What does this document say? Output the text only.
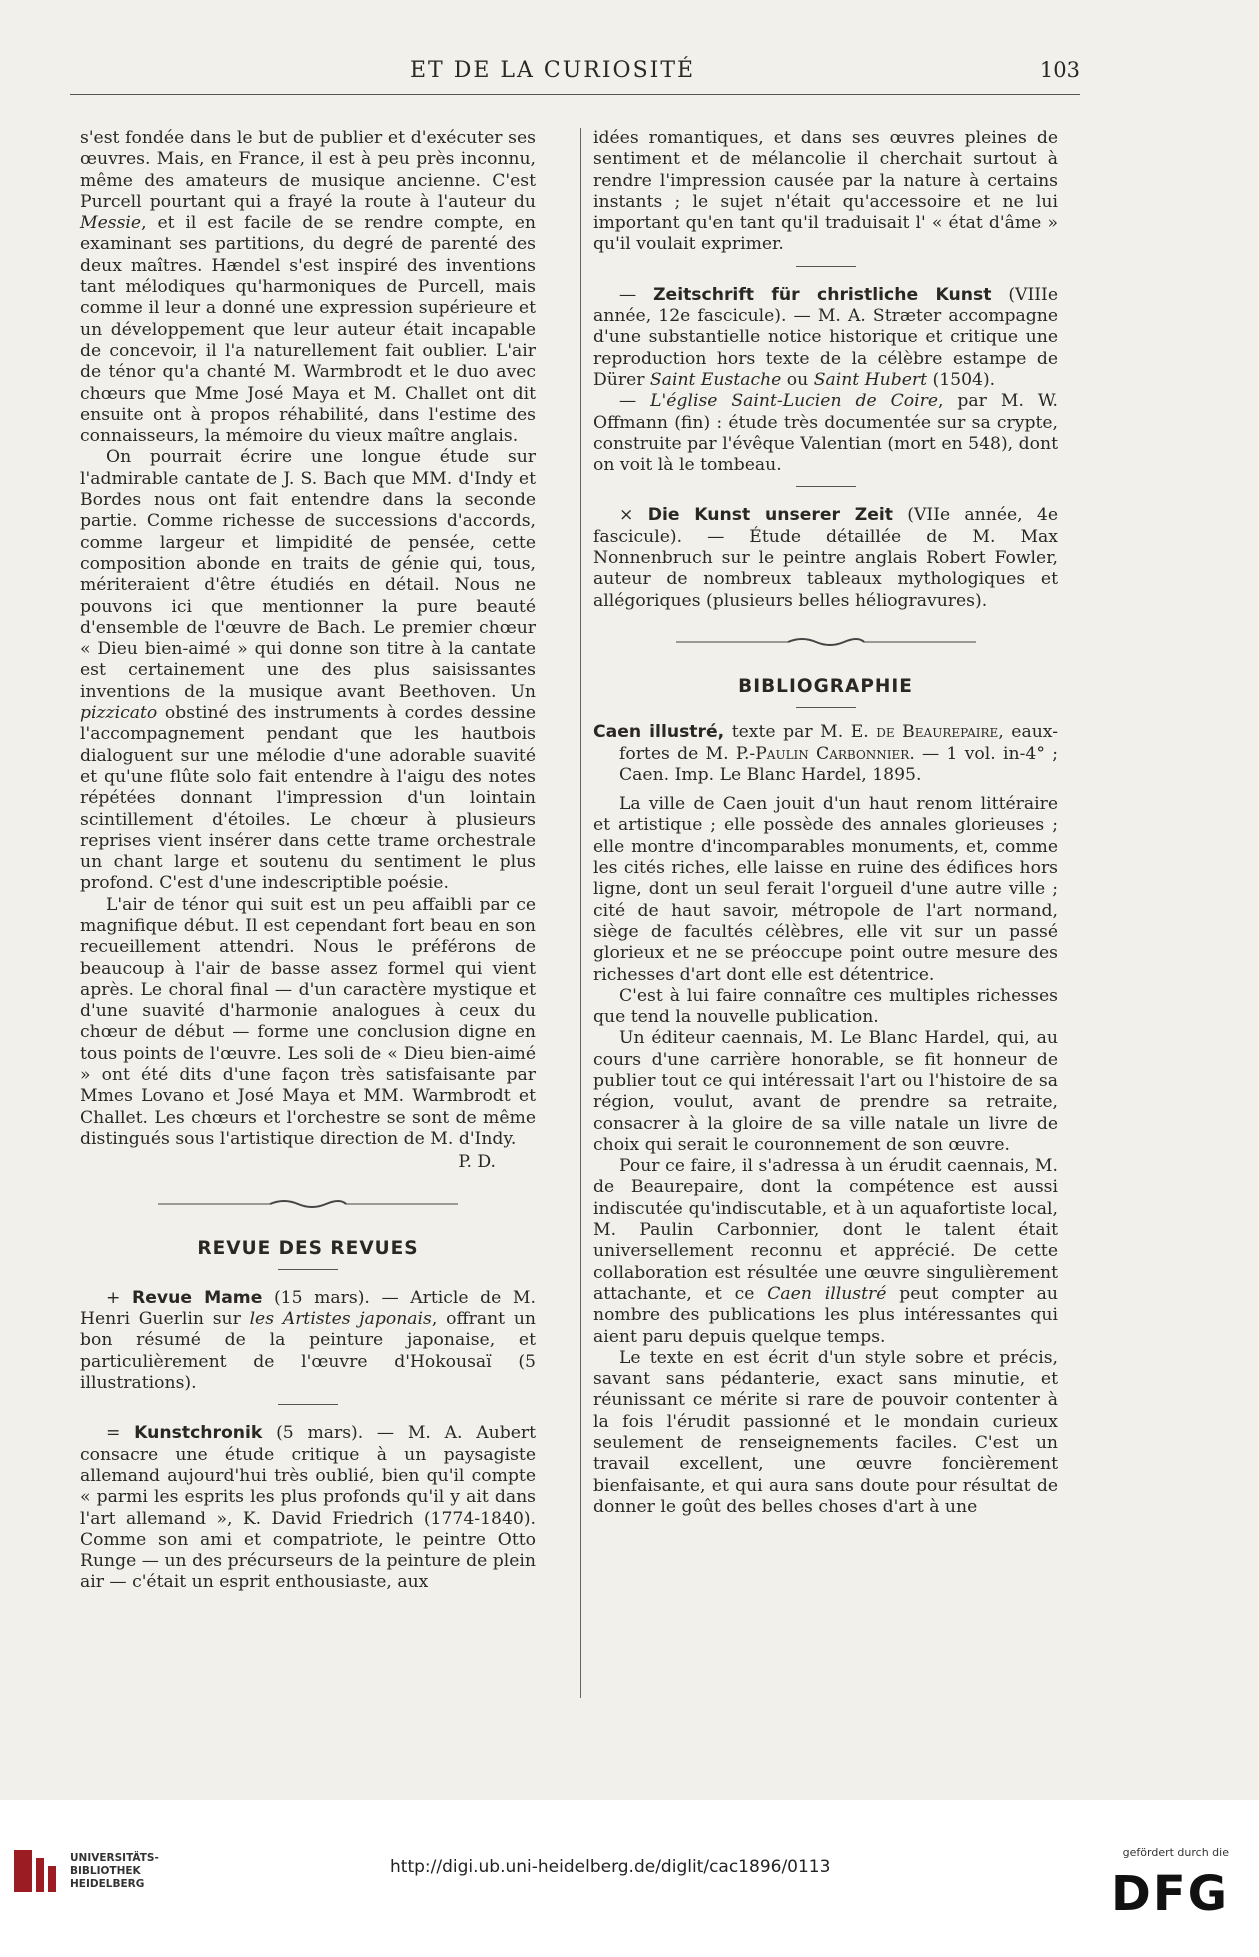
ET DE LA CURIOSITÉ	103

s'est fondée dans le but de publier et d'exécuter ses œuvres. Mais, en France, il est à peu près inconnu, même des amateurs de musique ancienne. C'est Purcell pourtant qui a frayé la route à l'auteur du Messie, et il est facile de se rendre compte, en examinant ses partitions, du degré de parenté des deux maîtres. Hændel s'est inspiré des inventions tant mélodiques qu'harmoniques de Purcell, mais comme il leur a donné une expression supérieure et un développement que leur auteur était incapable de concevoir, il l'a naturellement fait oublier. L'air de ténor qu'a chanté M. Warmbrodt et le duo avec chœurs que Mme José Maya et M. Challet ont dit ensuite ont à propos réhabilité, dans l'estime des connaisseurs, la mémoire du vieux maître anglais.

On pourrait écrire une longue étude sur l'admirable cantate de J. S. Bach que MM. d'Indy et Bordes nous ont fait entendre dans la seconde partie. Comme richesse de successions d'accords, comme largeur et limpidité de pensée, cette composition abonde en traits de génie qui, tous, mériteraient d'être étudiés en détail. Nous ne pouvons ici que mentionner la pure beauté d'ensemble de l'œuvre de Bach. Le premier chœur « Dieu bien-aimé » qui donne son titre à la cantate est certainement une des plus saisissantes inventions de la musique avant Beethoven. Un pizzicato obstiné des instruments à cordes dessine l'accompagnement pendant que les hautbois dialoguent sur une mélodie d'une adorable suavité et qu'une flûte solo fait entendre à l'aigu des notes répétées donnant l'impression d'un lointain scintillement d'étoiles. Le chœur à plusieurs reprises vient insérer dans cette trame orchestrale un chant large et soutenu du sentiment le plus profond. C'est d'une indescriptible poésie.

L'air de ténor qui suit est un peu affaibli par ce magnifique début. Il est cependant fort beau en son recueillement attendri. Nous le préférons de beaucoup à l'air de basse assez formel qui vient après. Le choral final — d'un caractère mystique et d'une suavité d'harmonie analogues à ceux du chœur de début — forme une conclusion digne en tous points de l'œuvre. Les soli de « Dieu bien-aimé » ont été dits d'une façon très satisfaisante par Mmes Lovano et José Maya et MM. Warmbrodt et Challet. Les chœurs et l'orchestre se sont de même distingués sous l'artistique direction de M. d'Indy.

P. D.
REVUE DES REVUES

+ Revue Mame (15 mars). — Article de M. Henri Guerlin sur les Artistes japonais, offrant un bon résumé de la peinture japonaise, et particulièrement de l'œuvre d'Hokousaï (5 illustrations).

= Kunstchronik (5 mars). — M. A. Aubert consacre une étude critique à un paysagiste allemand aujourd'hui très oublié, bien qu'il compte « parmi les esprits les plus profonds qu'il y ait dans l'art allemand », K. David Friedrich (1774-1840). Comme son ami et compatriote, le peintre Otto Runge — un des précurseurs de la peinture de plein air — c'était un esprit enthousiaste, aux

idées romantiques, et dans ses œuvres pleines de sentiment et de mélancolie il cherchait surtout à rendre l'impression causée par la nature à certains instants ; le sujet n'était qu'accessoire et ne lui important qu'en tant qu'il traduisait l' « état d'âme » qu'il voulait exprimer.

— Zeitschrift für christliche Kunst (VIIIe année, 12e fascicule). — M. A. Stræter accompagne d'une substantielle notice historique et critique une reproduction hors texte de la célèbre estampe de Dürer Saint Eustache ou Saint Hubert (1504).

— L'église Saint-Lucien de Coire, par M. W. Offmann (fin) : étude très documentée sur sa crypte, construite par l'évêque Valentian (mort en 548), dont on voit là le tombeau.

× Die Kunst unserer Zeit (VIIe année, 4e fascicule). — Étude détaillée de M. Max Nonnenbruch sur le peintre anglais Robert Fowler, auteur de nombreux tableaux mythologiques et allégoriques (plusieurs belles héliogravures).

BIBLIOGRAPHIE

Caen illustré, texte par M. E. de Beaurepaire, eaux-fortes de M. P.-Paulin Carbonnier. — 1 vol. in-4° ; Caen. Imp. Le Blanc Hardel, 1895.

La ville de Caen jouit d'un haut renom littéraire et artistique ; elle possède des annales glorieuses ; elle montre d'incomparables monuments, et, comme les cités riches, elle laisse en ruine des édifices hors ligne, dont un seul ferait l'orgueil d'une autre ville ; cité de haut savoir, métropole de l'art normand, siège de facultés célèbres, elle vit sur un passé glorieux et ne se préoccupe point outre mesure des richesses d'art dont elle est détentrice.

C'est à lui faire connaître ces multiples richesses que tend la nouvelle publication.

Un éditeur caennais, M. Le Blanc Hardel, qui, au cours d'une carrière honorable, se fit honneur de publier tout ce qui intéressait l'art ou l'histoire de sa région, voulut, avant de prendre sa retraite, consacrer à la gloire de sa ville natale un livre de choix qui serait le couronnement de son œuvre.

Pour ce faire, il s'adressa à un érudit caennais, M. de Beaurepaire, dont la compétence est aussi indiscutée qu'indiscutable, et à un aquafortiste local, M. Paulin Carbonnier, dont le talent était universellement reconnu et apprécié. De cette collaboration est résultée une œuvre singulièrement attachante, et ce Caen illustré peut compter au nombre des publications les plus intéressantes qui aient paru depuis quelque temps.

Le texte en est écrit d'un style sobre et précis, savant sans pédanterie, exact sans minutie, et réunissant ce mérite si rare de pouvoir contenter à la fois l'érudit passionné et le mondain curieux seulement de renseignements faciles. C'est un travail excellent, une œuvre foncièrement bienfaisante, et qui aura sans doute pour résultat de donner le goût des belles choses d'art à une

UNIVERSITÄTS-
BIBLIOTHEK
HEIDELBERG
http://digi.ub.uni-heidelberg.de/diglit/cac1896/0113
gefördert durch die
DFG
